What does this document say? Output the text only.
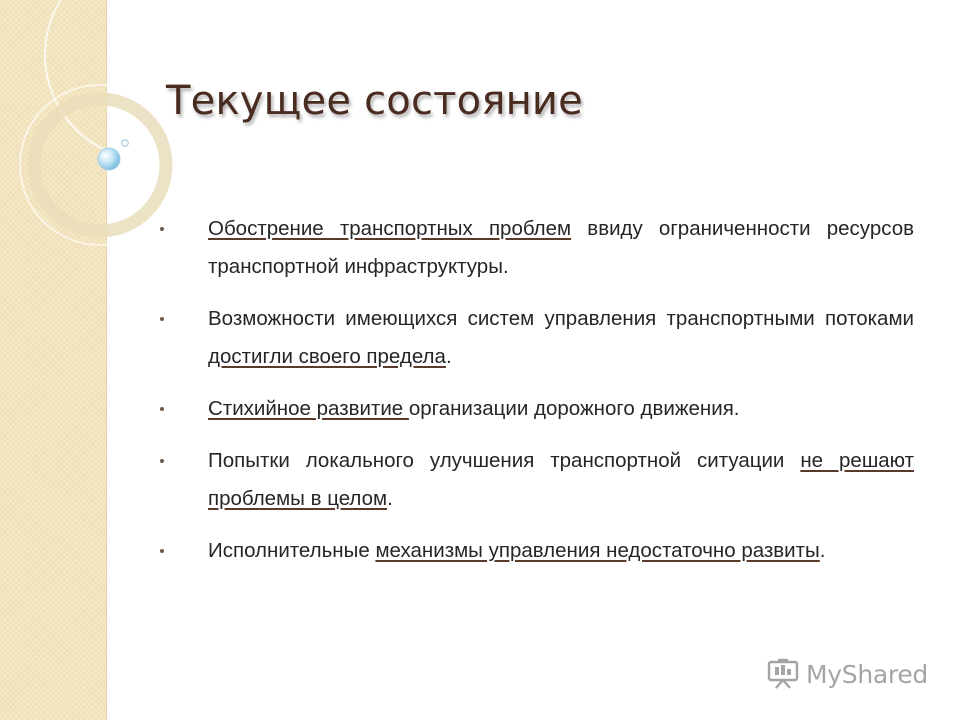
Текущее состояние
Обострение транспортных проблем ввиду ограниченности ресурсов транспортной инфраструктуры.
Возможности имеющихся систем управления транспортными потоками достигли своего предела.
Стихийное развитие организации дорожного движения.
Попытки локального улучшения транспортной ситуации не решают проблемы в целом.
Исполнительные механизмы управления недостаточно развиты.
MyShared
